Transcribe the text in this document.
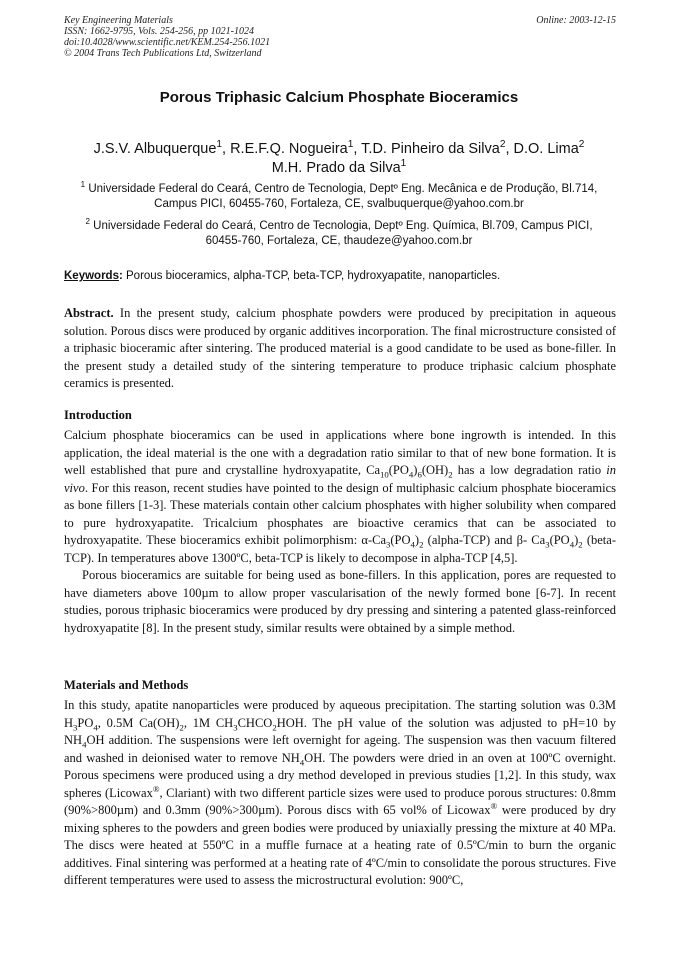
Key Engineering Materials	Online: 2003-12-15
ISSN: 1662-9795, Vols. 254-256, pp 1021-1024
doi:10.4028/www.scientific.net/KEM.254-256.1021
© 2004 Trans Tech Publications Ltd, Switzerland

Porous Triphasic Calcium Phosphate Bioceramics
J.S.V. Albuquerque$^1$, R.E.F.Q. Nogueira$^1$, T.D. Pinheiro da Silva$^2$, D.O. Lima$^2$
M.H. Prado da Silva$^1$
$^1$ Universidade Federal do Ceará, Centro de Tecnologia, Deptº Eng. Mecânica e de Produção, Bl.714, Campus PICI, 60455-760, Fortaleza, CE, svalbuquerque@yahoo.com.br
$^2$ Universidade Federal do Ceará, Centro de Tecnologia, Deptº Eng. Química, Bl.709, Campus PICI, 60455-760, Fortaleza, CE, thaudeze@yahoo.com.br
Keywords: Porous bioceramics, alpha-TCP, beta-TCP, hydroxyapatite, nanoparticles.
Abstract. In the present study, calcium phosphate powders were produced by precipitation in aqueous solution. Porous discs were produced by organic additives incorporation. The final microstructure consisted of a triphasic bioceramic after sintering. The produced material is a good candidate to be used as bone-filler. In the present study a detailed study of the sintering temperature to produce triphasic calcium phosphate ceramics is presented.
Introduction
Calcium phosphate bioceramics can be used in applications where bone ingrowth is intended. In this application, the ideal material is the one with a degradation ratio similar to that of new bone formation. It is well established that pure and crystalline hydroxyapatite, $Ca_{10}(PO_4)_6(OH)_2$ has a low degradation ratio in vivo. For this reason, recent studies have pointed to the design of multiphasic calcium phosphate bioceramics as bone fillers [1-3]. These materials contain other calcium phosphates with higher solubility when compared to pure hydroxyapatite. Tricalcium phosphates are bioactive ceramics that can be associated to hydroxyapatite. These bioceramics exhibit polimorphism: $\alpha-Ca_3(PO_4)_2$ (alpha-TCP) and β- $Ca_3(PO_4)_2$ (beta-TCP). In temperatures above 1300ºC, beta-TCP is likely to decompose in alpha-TCP [4,5].
Porous bioceramics are suitable for being used as bone-fillers. In this application, pores are requested to have diameters above 100µm to allow proper vascularisation of the newly formed bone [6-7]. In recent studies, porous triphasic bioceramics were produced by dry pressing and sintering a patented glass-reinforced hydroxyapatite [8]. In the present study, similar results were obtained by a simple method.
Materials and Methods
In this study, apatite nanoparticles were produced by aqueous precipitation. The starting solution was 0.3M $H_3PO_4$, 0.5M $Ca(OH)_2$, 1M $CH_3CHCO_2HOH$. The pH value of the solution was adjusted to pH=10 by $NH_4OH$ addition. The suspensions were left overnight for ageing. The suspension was then vacuum filtered and washed in deionised water to remove $NH_4OH$. The powders were dried in an oven at 100ºC overnight. Porous specimens were produced using a dry method developed in previous studies [1,2]. In this study, wax spheres (Licowax®, Clariant) with two different particle sizes were used to produce porous structures: 0.8mm (90%>800µm) and 0.3mm (90%>300µm). Porous discs with 65 vol% of Licowax® were produced by dry mixing spheres to the powders and green bodies were produced by uniaxially pressing the mixture at 40 MPa. The discs were heated at 550ºC in a muffle furnace at a heating rate of 0.5ºC/min to burn the organic additives. Final sintering was performed at a heating rate of 4ºC/min to consolidate the porous structures. Five different temperatures were used to assess the microstructural evolution: 900ºC,
